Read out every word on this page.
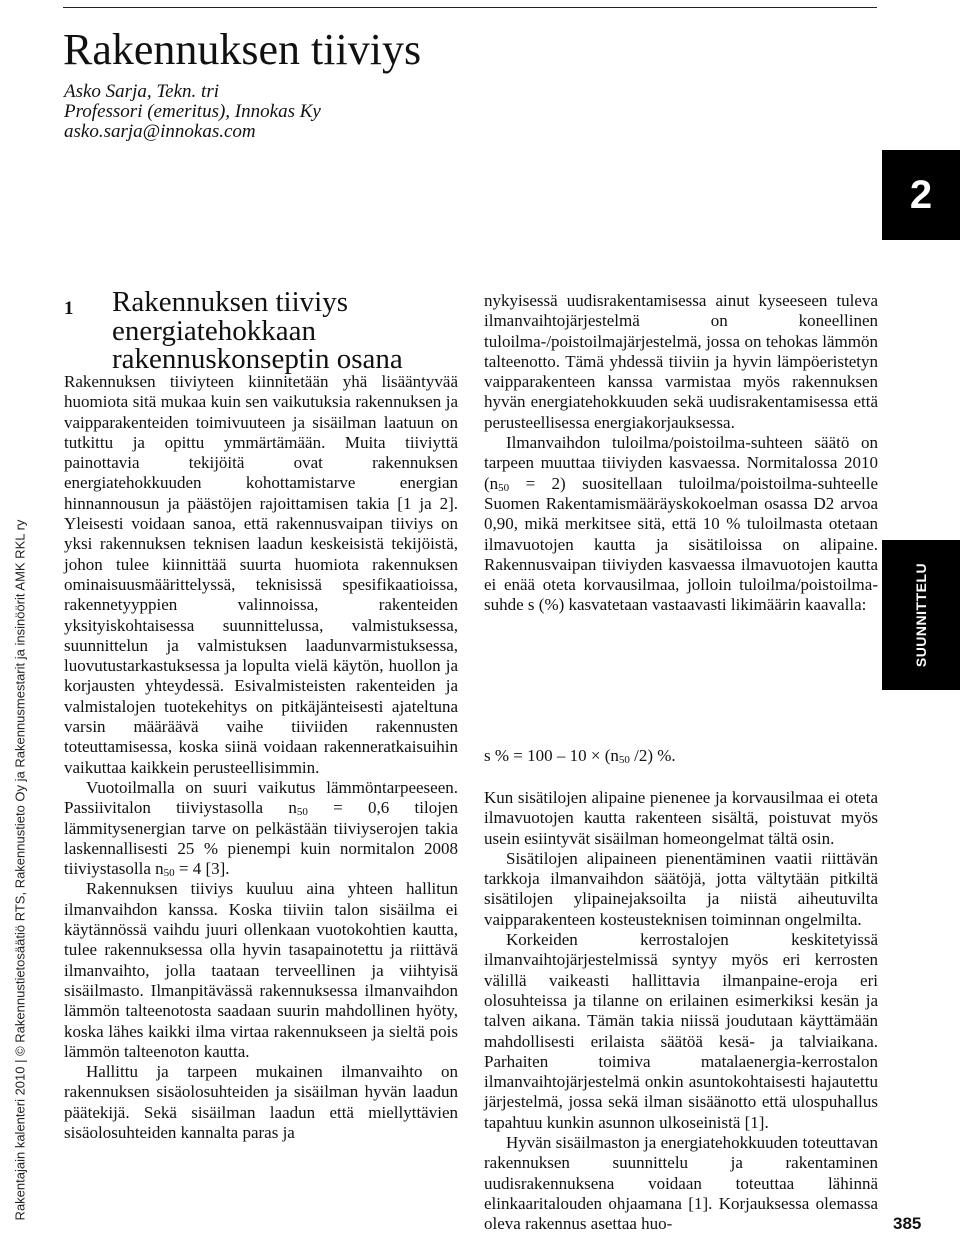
Rakennuksen tiiviys
Asko Sarja, Tekn. tri
Professori (emeritus), Innokas Ky
asko.sarja@innokas.com
2
SUUNNITTELU
Rakentajain kalenteri 2010 | © Rakennustietosäätiö RTS, Rakennustieto Oy ja Rakennusmestarit ja insinöörit AMK RKL ry
1	Rakennuksen tiiviys energiatehokkaan rakennuskonseptin osana

Rakennuksen tiiviyteen kiinnitetään yhä lisääntyvää huomiota sitä mukaa kuin sen vaikutuksia rakennuksen ja vaipparakenteiden toimivuuteen ja sisäilman laatuun on tutkittu ja opittu ymmärtämään. Muita tiiviyttä painottavia tekijöitä ovat rakennuksen energiatehokkuuden kohottamistarve energian hinnannousun ja päästöjen rajoittamisen takia [1 ja 2]. Yleisesti voidaan sanoa, että rakennusvaipan tiiviys on yksi rakennuksen teknisen laadun keskeisistä tekijöistä, johon tulee kiinnittää suurta huomiota rakennuksen ominaisuusmäärittelyssä, teknisissä spesifikaatioissa, rakennetyyppien valinnoissa, rakenteiden yksityiskohtaisessa suunnittelussa, valmistuksessa, suunnittelun ja valmistuksen laadunvarmistuksessa, luovutustarkastuksessa ja lopulta vielä käytön, huollon ja korjausten yhteydessä. Esivalmisteisten rakenteiden ja valmistalojen tuotekehitys on pitkäjänteisesti ajateltuna varsin määräävä vaihe tiiviiden rakennusten toteuttamisessa, koska siinä voidaan rakenneratkaisuihin vaikuttaa kaikkein perusteellisimmin.

Vuotoilmalla on suuri vaikutus lämmöntarpeeseen. Passiivitalon tiiviystasolla $n_{50} = 0,6$ tilojen lämmitysenergian tarve on pelkästään tiiviyserojen takia laskennallisesti 25 % pienempi kuin normitalon 2008 tiiviystasolla $n_{50} = 4$ [3].

Rakennuksen tiiviys kuuluu aina yhteen hallitun ilmanvaihdon kanssa. Koska tiiviin talon sisäilma ei käytännössä vaihdu juuri ollenkaan vuotokohtien kautta, tulee rakennuksessa olla hyvin tasapainotettu ja riittävä ilmanvaihto, jolla taataan terveellinen ja viihtyisä sisäilmasto. Ilmanpitävässä rakennuksessa ilmanvaihdon lämmön talteenotosta saadaan suurin mahdollinen hyöty, koska lähes kaikki ilma virtaa rakennukseen ja sieltä pois lämmön talteenoton kautta.

Hallittu ja tarpeen mukainen ilmanvaihto on rakennuksen sisäolosuhteiden ja sisäilman hyvän laadun päätekijä. Sekä sisäilman laadun että miellyttävien sisäolosuhteiden kannalta paras ja

nykyisessä uudisrakentamisessa ainut kyseeseen tuleva ilmanvaihtojärjestelmä on koneellinen tuloilma-/poistoilmajärjestelmä, jossa on tehokas lämmön talteenotto. Tämä yhdessä tiiviin ja hyvin lämpöeristetyn vaipparakenteen kanssa varmistaa myös rakennuksen hyvän energiatehokkuuden sekä uudisrakentamisessa että perusteellisessa energiakorjauksessa.

Ilmanvaihdon tuloilma/poistoilma-suhteen säätö on tarpeen muuttaa tiiviyden kasvaessa. Normitalossa 2010 $(n_{50} = 2)$ suositellaan tuloilma/poistoilma-suhteelle Suomen Rakentamismääräyskokoelman osassa D2 arvoa 0,90, mikä merkitsee sitä, että 10 % tuloilmasta otetaan ilmavuotojen kautta ja sisätiloissa on alipaine. Rakennusvaipan tiiviyden kasvaessa ilmavuotojen kautta ei enää oteta korvausilmaa, jolloin tuloilma/poistoilma-suhde s (%) kasvatetaan vastaavasti likimäärin kaavalla:

s % = $100 - 10 \times (n_{50}$ /2) %.

Kun sisätilojen alipaine pienenee ja korvausilmaa ei oteta ilmavuotojen kautta rakenteen sisältä, poistuvat myös usein esiintyvät sisäilman homeongelmat tältä osin.

Sisätilojen alipaineen pienentäminen vaatii riittävän tarkkoja ilmanvaihdon säätöjä, jotta vältytään pitkiltä sisätilojen ylipainejaksoilta ja niistä aiheutuvilta vaipparakenteen kosteusteknisen toiminnan ongelmilta.

Korkeiden kerrostalojen keskitetyissä ilmanvaihtojärjestelmissä syntyy myös eri kerrosten välillä vaikeasti hallittavia ilmanpaine-eroja eri olosuhteissa ja tilanne on erilainen esimerkiksi kesän ja talven aikana. Tämän takia niissä joudutaan käyttämään mahdollisesti erilaista säätöä kesä- ja talviaikana. Parhaiten toimiva matalaenergia-kerrostalon ilmanvaihtojärjestelmä onkin asuntokohtaisesti hajautettu järjestelmä, jossa sekä ilman sisäänotto että ulospuhallus tapahtuu kunkin asunnon ulkoseinistä [1].

Hyvän sisäilmaston ja energiatehokkuuden toteuttavan rakennuksen suunnittelu ja rakentaminen uudisrakennuksena voidaan toteuttaa lähinnä elinkaaritalouden ohjaamana [1]. Korjauksessa olemassa oleva rakennus asettaa huo-	385
